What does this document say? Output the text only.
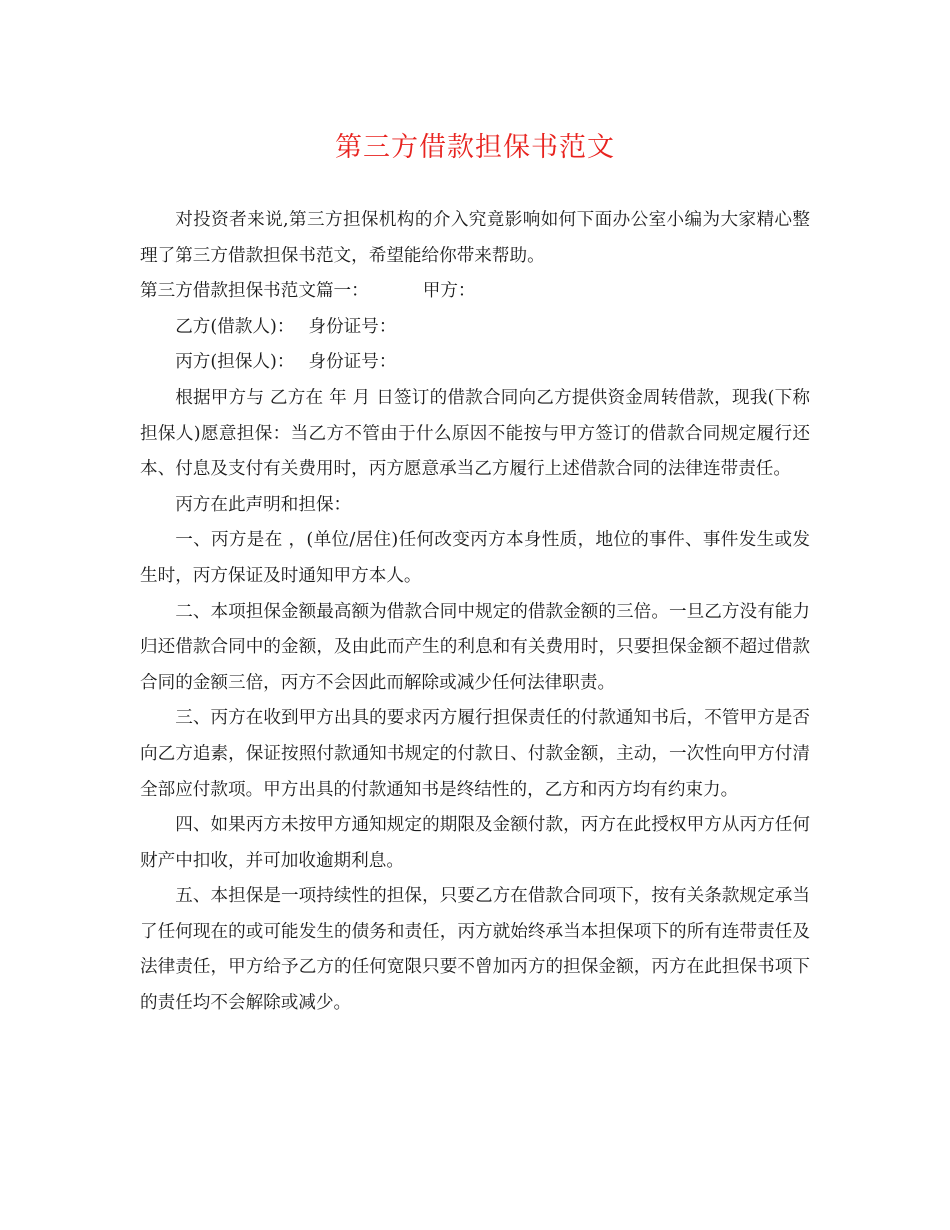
第三方借款担保书范文

对投资者来说,第三方担保机构的介入究竟影响如何下面办公室小编为大家精心整理了第三方借款担保书范文，希望能给你带来帮助。

第三方借款担保书范文篇一：	甲方：

乙方(借款人)： 身份证号：

丙方(担保人)： 身份证号：

根据甲方与 乙方在 年 月 日签订的借款合同向乙方提供资金周转借款，现我(下称担保人)愿意担保：当乙方不管由于什么原因不能按与甲方签订的借款合同规定履行还本、付息及支付有关费用时，丙方愿意承当乙方履行上述借款合同的法律连带责任。

丙方在此声明和担保：

一、丙方是在 ，(单位/居住)任何改变丙方本身性质，地位的事件、事件发生或发生时，丙方保证及时通知甲方本人。

二、本项担保金额最高额为借款合同中规定的借款金额的三倍。一旦乙方没有能力归还借款合同中的金额，及由此而产生的利息和有关费用时，只要担保金额不超过借款合同的金额三倍，丙方不会因此而解除或减少任何法律职责。

三、丙方在收到甲方出具的要求丙方履行担保责任的付款通知书后，不管甲方是否向乙方追素，保证按照付款通知书规定的付款日、付款金额，主动，一次性向甲方付清全部应付款项。甲方出具的付款通知书是终结性的，乙方和丙方均有约束力。

四、如果丙方未按甲方通知规定的期限及金额付款，丙方在此授权甲方从丙方任何财产中扣收，并可加收逾期利息。

五、本担保是一项持续性的担保，只要乙方在借款合同项下，按有关条款规定承当了任何现在的或可能发生的债务和责任，丙方就始终承当本担保项下的所有连带责任及法律责任，甲方给予乙方的任何宽限只要不曾加丙方的担保金额，丙方在此担保书项下的责任均不会解除或减少。
